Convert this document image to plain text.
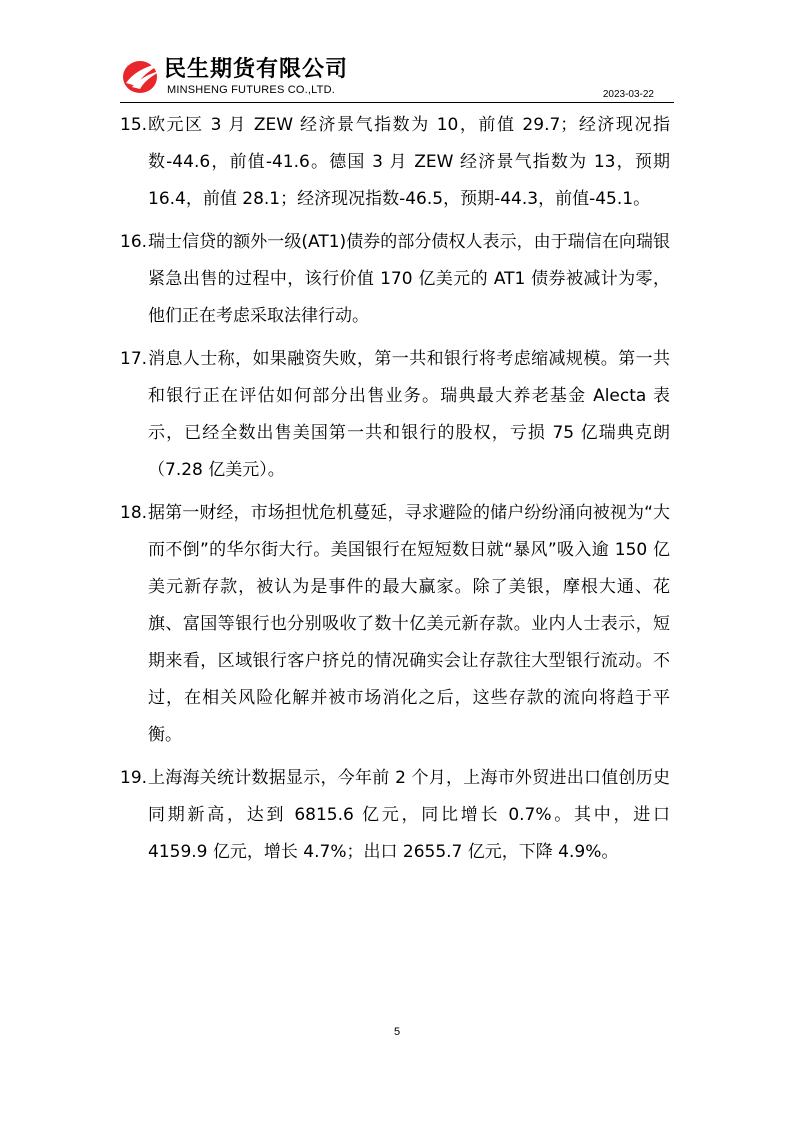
民生期货有限公司
MINSHENG FUTURES CO.,LTD.	2023-03-22
15. 欧元区 3 月 ZEW 经济景气指数为 10，前值 29.7；经济现况指数-44.6，前值-41.6。德国 3 月 ZEW 经济景气指数为 13，预期 16.4，前值 28.1；经济现况指数-46.5，预期-44.3，前值-45.1。
16. 瑞士信贷的额外一级(AT1)债券的部分债权人表示，由于瑞信在向瑞银紧急出售的过程中，该行价值 170 亿美元的 AT1 债券被减计为零，他们正在考虑采取法律行动。
17. 消息人士称，如果融资失败，第一共和银行将考虑缩减规模。第一共和银行正在评估如何部分出售业务。瑞典最大养老基金 Alecta 表示，已经全数出售美国第一共和银行的股权，亏损 75 亿瑞典克朗（7.28 亿美元）。
18. 据第一财经，市场担忧危机蔓延，寻求避险的储户纷纷涌向被视为“大而不倒”的华尔街大行。美国银行在短短数日就“暴风”吸入逾 150 亿美元新存款，被认为是事件的最大赢家。除了美银，摩根大通、花旗、富国等银行也分别吸收了数十亿美元新存款。业内人士表示，短期来看，区域银行客户挤兑的情况确实会让存款往大型银行流动。不过，在相关风险化解并被市场消化之后，这些存款的流向将趋于平衡。
19. 上海海关统计数据显示，今年前 2 个月，上海市外贸进出口值创历史同期新高，达到 6815.6 亿元，同比增长 0.7%。其中，进口 4159.9 亿元，增长 4.7%；出口 2655.7 亿元，下降 4.9%。
5
